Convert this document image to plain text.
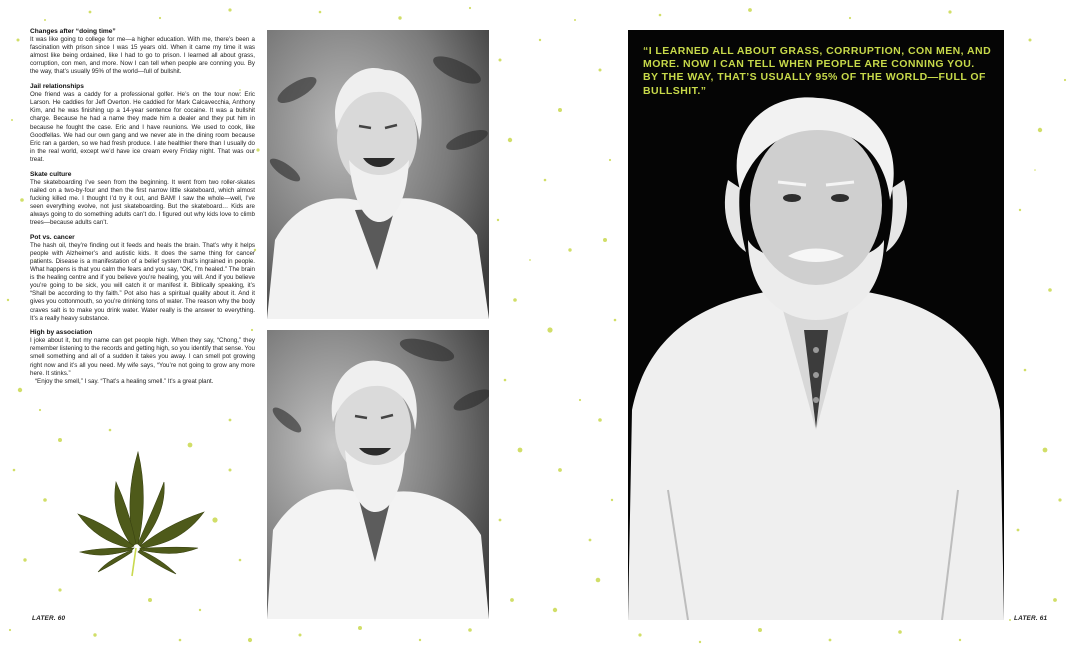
Changes after “doing time”

It was like going to college for me—a higher education. With me, there’s been a fascination with prison since I was 15 years old. When it came my time it was almost like being ordained, like I had to go to prison. I learned all about grass, corruption, con men, and more. Now I can tell when people are conning you. By the way, that’s usually 95% of the world—full of bullshit.

Jail relationships

One friend was a caddy for a professional golfer. He’s on the tour now: Eric Larson. He caddies for Jeff Overton. He caddied for Mark Calcavecchia, Anthony Kim, and he was finishing up a 14-year sentence for cocaine. It was a bullshit charge. Because he had a name they made him a dealer and they put him in because he fought the case. Eric and I have reunions. We used to cook, like Goodfellas. We had our own gang and we never ate in the dining room because Eric ran a garden, so we had fresh produce. I ate healthier there than I usually do in the real world, except we’d have ice cream every Friday night. That was our treat.

Skate culture

The skateboarding I’ve seen from the beginning. It went from two roller-skates nailed on a two-by-four and then the first narrow little skateboard, which almost fucking killed me. I thought I’d try it out, and BAM! I saw the whole—well, I’ve seen everything evolve, not just skateboarding. But the skateboard… Kids are always going to do something adults can’t do. I figured out why kids love to climb trees—because adults can’t.

Pot vs. cancer

The hash oil, they’re finding out it feeds and heals the brain. That’s why it helps people with Alzheimer’s and autistic kids. It does the same thing for cancer patients. Disease is a manifestation of a belief system that’s ingrained in people. What happens is that you calm the fears and you say, “OK, I’m healed.” The brain is the healing centre and if you believe you’re healing, you will. And if you believe you’re going to be sick, you will catch it or manifest it. Biblically speaking, it’s “Shall be according to thy faith.” Pot also has a spiritual quality about it. And it gives you cottonmouth, so you’re drinking tons of water. The reason why the body craves salt is to make you drink water. Water really is the answer to everything. It’s a really heavy substance.

High by association

I joke about it, but my name can get people high. When they say, “Chong,” they remember listening to the records and getting high, so you identify that sense. You smell something and all of a sudden it takes you away. I can smell pot growing right now and it’s all you need. My wife says, “You’re not going to grow any more here. It stinks.”

“Enjoy the smell,” I say. “That’s a healing smell.” It’s a great plant.

“I LEARNED ALL ABOUT GRASS, CORRUPTION, CON MEN, AND MORE. NOW I CAN TELL WHEN PEOPLE ARE CONNING YOU. BY THE WAY, THAT’S USUALLY 95% OF THE WORLD—FULL OF BULLSHIT.”
LATER. 60	LATER. 61
